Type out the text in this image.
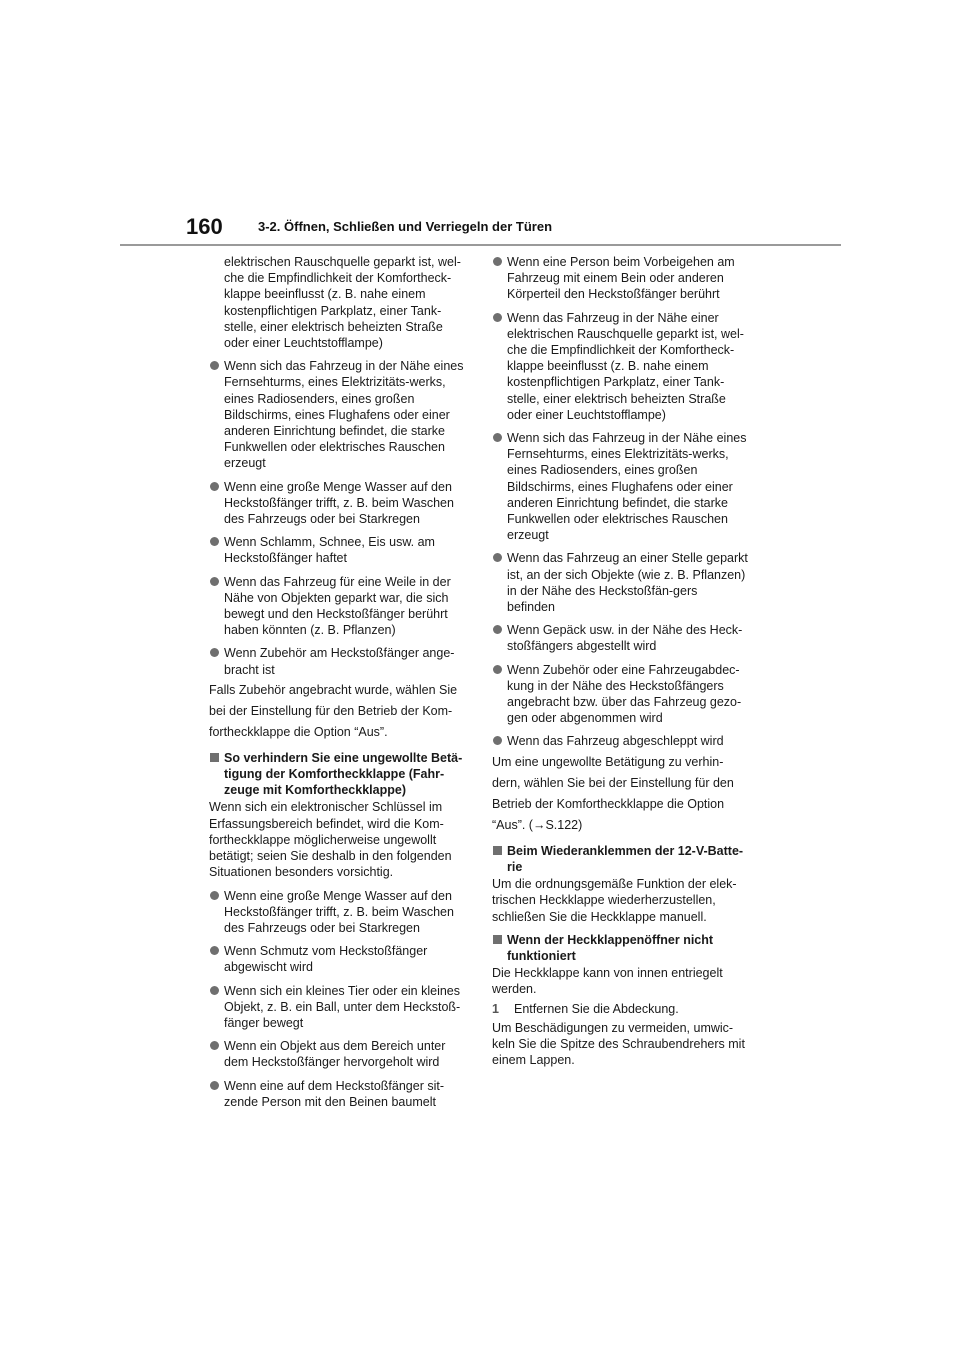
160	3-2. Öffnen, Schließen und Verriegeln der Türen

elektrischen Rauschquelle geparkt ist, wel-che die Empfindlichkeit der Komfortheck-klappe beeinflusst (z. B. nahe einem kostenpflichtigen Parkplatz, einer Tank-stelle, einer elektrisch beheizten Straße oder einer Leuchtstofflampe)

Wenn sich das Fahrzeug in der Nähe eines Fernsehturms, eines Elektrizitäts-werks, eines Radiosenders, eines großen Bildschirms, eines Flughafens oder einer anderen Einrichtung befindet, die starke Funkwellen oder elektrisches Rauschen erzeugt

Wenn eine große Menge Wasser auf den Heckstoßfänger trifft, z. B. beim Waschen des Fahrzeugs oder bei Starkregen

Wenn Schlamm, Schnee, Eis usw. am Heckstoßfänger haftet

Wenn das Fahrzeug für eine Weile in der Nähe von Objekten geparkt war, die sich bewegt und den Heckstoßfänger berührt haben könnten (z. B. Pflanzen)

Wenn Zubehör am Heckstoßfänger ange-bracht ist

Falls Zubehör angebracht wurde, wählen Sie

bei der Einstellung für den Betrieb der Kom-

fortheckklappe die Option “Aus”.

So verhindern Sie eine ungewollte Betä-tigung der Komfortheckklappe (Fahr-zeuge mit Komfortheckklappe)

Wenn sich ein elektronischer Schlüssel im Erfassungsbereich befindet, wird die Kom-fortheckklappe möglicherweise ungewollt betätigt; seien Sie deshalb in den folgenden Situationen besonders vorsichtig.

Wenn eine große Menge Wasser auf den Heckstoßfänger trifft, z. B. beim Waschen des Fahrzeugs oder bei Starkregen

Wenn Schmutz vom Heckstoßfänger abgewischt wird

Wenn sich ein kleines Tier oder ein kleines Objekt, z. B. ein Ball, unter dem Heckstoß-fänger bewegt

Wenn ein Objekt aus dem Bereich unter dem Heckstoßfänger hervorgeholt wird

Wenn eine auf dem Heckstoßfänger sit-zende Person mit den Beinen baumelt

Wenn eine Person beim Vorbeigehen am Fahrzeug mit einem Bein oder anderen Körperteil den Heckstoßfänger berührt

Wenn das Fahrzeug in der Nähe einer elektrischen Rauschquelle geparkt ist, wel-che die Empfindlichkeit der Komfortheck-klappe beeinflusst (z. B. nahe einem kostenpflichtigen Parkplatz, einer Tank-stelle, einer elektrisch beheizten Straße oder einer Leuchtstofflampe)

Wenn sich das Fahrzeug in der Nähe eines Fernsehturms, eines Elektrizitäts-werks, eines Radiosenders, eines großen Bildschirms, eines Flughafens oder einer anderen Einrichtung befindet, die starke Funkwellen oder elektrisches Rauschen erzeugt

Wenn das Fahrzeug an einer Stelle geparkt ist, an der sich Objekte (wie z. B. Pflanzen) in der Nähe des Heckstoßfän-gers befinden

Wenn Gepäck usw. in der Nähe des Heck-stoßfängers abgestellt wird

Wenn Zubehör oder eine Fahrzeugabdec-kung in der Nähe des Heckstoßfängers angebracht bzw. über das Fahrzeug gezo-gen oder abgenommen wird

Wenn das Fahrzeug abgeschleppt wird

Um eine ungewollte Betätigung zu verhin-

dern, wählen Sie bei der Einstellung für den

Betrieb der Komfortheckklappe die Option

“Aus”. (→S.122)

Beim Wiederanklemmen der 12-V-Batte-rie

Um die ordnungsgemäße Funktion der elek-trischen Heckklappe wiederherzustellen, schließen Sie die Heckklappe manuell.

Wenn der Heckklappenöffner nicht funktioniert

Die Heckklappe kann von innen entriegelt werden.

1 Entfernen Sie die Abdeckung.

Um Beschädigungen zu vermeiden, umwic-keln Sie die Spitze des Schraubendrehers mit einem Lappen.
